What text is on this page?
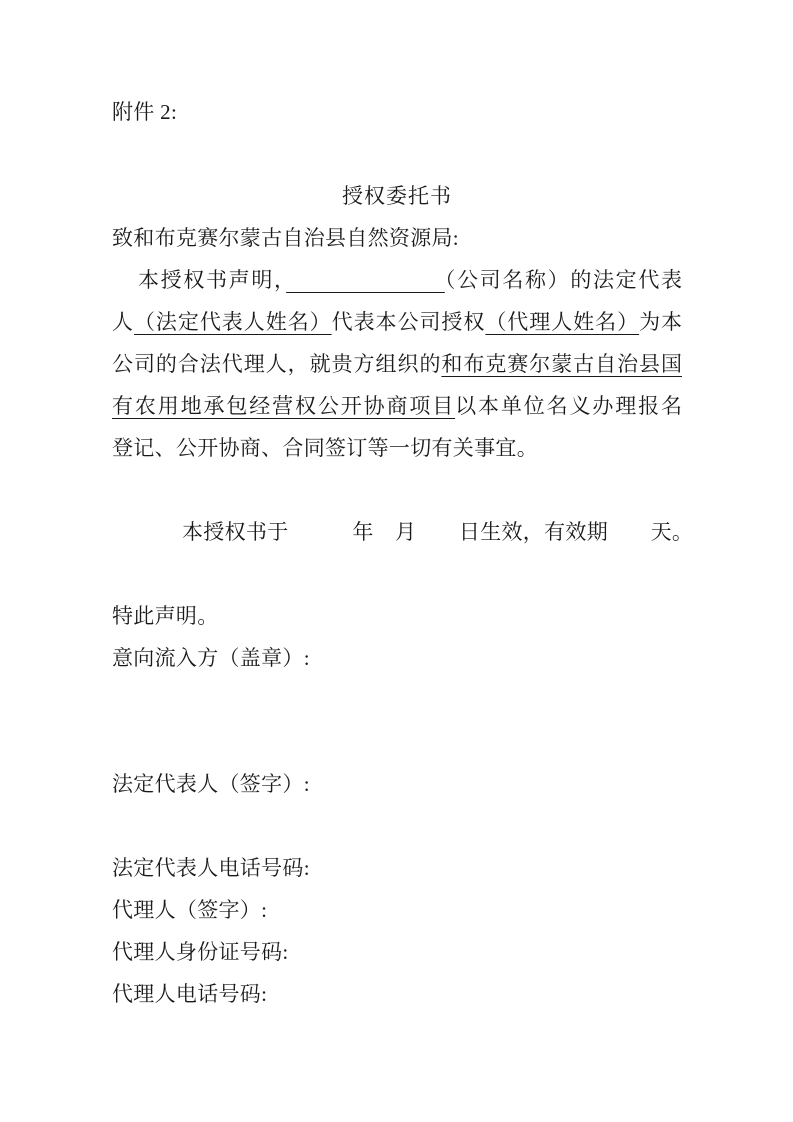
附件 2:
授权委托书
致和布克赛尔蒙古自治县自然资源局:
本授权书声明，　　　　　　　	（公司名称）的法定代表
人（法定代表人姓名）代表本公司授权（代理人姓名）为本
公司的合法代理人，就贵方组织的和布克赛尔蒙古自治县国
有农用地承包经营权公开协商项目以本单位名义办理报名
登记、公开协商、合同签订等一切有关事宜。
本授权书于　　　年　月　　日生效，有效期　　天。
特此声明。
意向流入方（盖章）:
法定代表人（签字）:
法定代表人电话号码:
代理人（签字）:
代理人身份证号码:
代理人电话号码:
